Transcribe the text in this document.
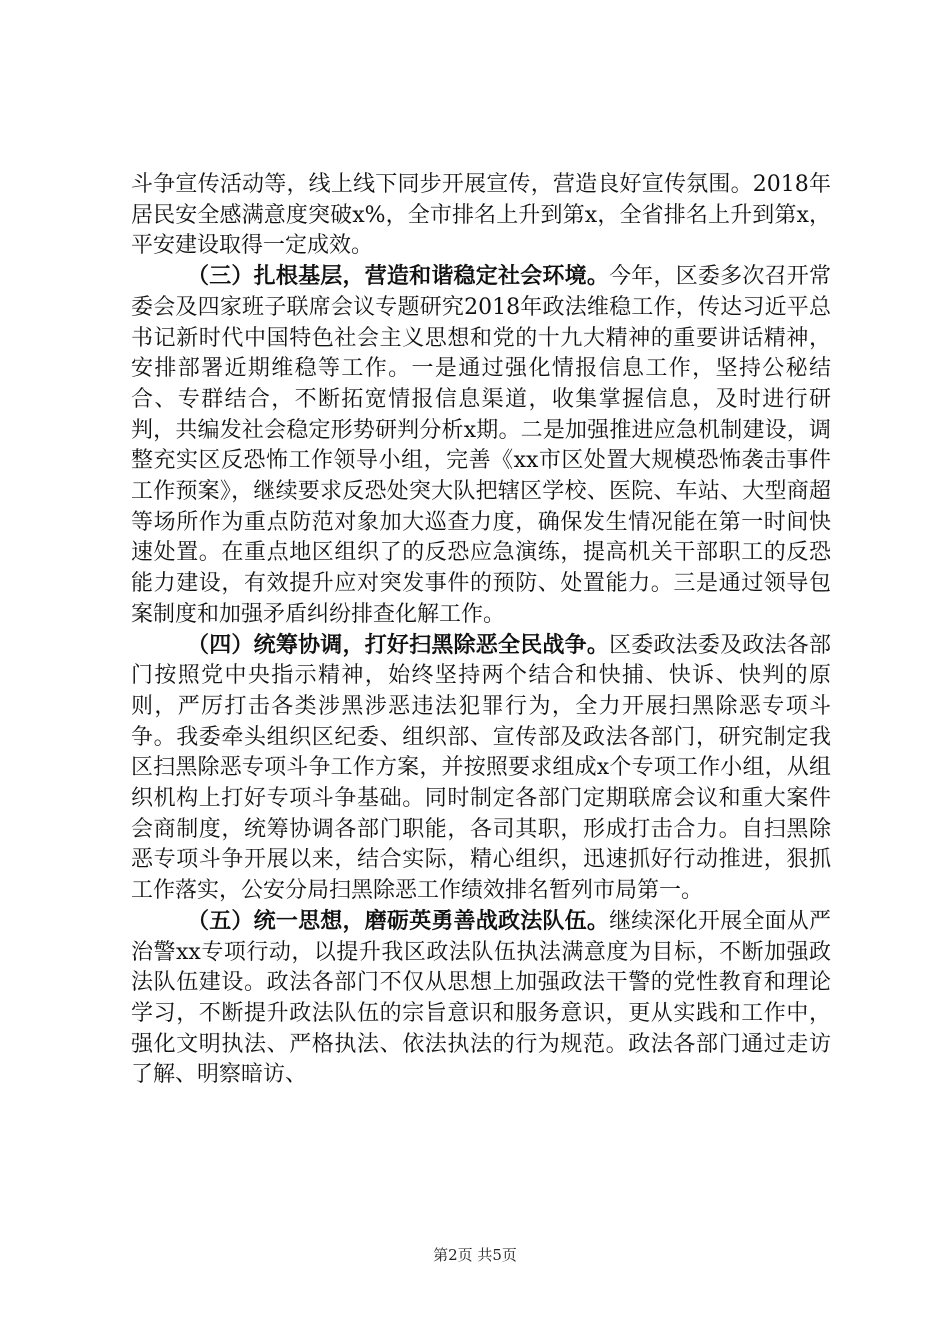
斗争宣传活动等，线上线下同步开展宣传，营造良好宣传氛围。2018年居民安全感满意度突破x%，全市排名上升到第x，全省排名上升到第x，平安建设取得一定成效。

（三）扎根基层，营造和谐稳定社会环境。今年，区委多次召开常委会及四家班子联席会议专题研究2018年政法维稳工作，传达习近平总书记新时代中国特色社会主义思想和党的十九大精神的重要讲话精神，安排部署近期维稳等工作。一是通过强化情报信息工作，坚持公秘结合、专群结合，不断拓宽情报信息渠道，收集掌握信息，及时进行研判，共编发社会稳定形势研判分析x期。二是加强推进应急机制建设，调整充实区反恐怖工作领导小组，完善《xx市区处置大规模恐怖袭击事件工作预案》，继续要求反恐处突大队把辖区学校、医院、车站、大型商超等场所作为重点防范对象加大巡查力度，确保发生情况能在第一时间快速处置。在重点地区组织了的反恐应急演练，提高机关干部职工的反恐能力建设，有效提升应对突发事件的预防、处置能力。三是通过领导包案制度和加强矛盾纠纷排查化解工作。

（四）统筹协调，打好扫黑除恶全民战争。区委政法委及政法各部门按照党中央指示精神，始终坚持两个结合和快捕、快诉、快判的原则，严厉打击各类涉黑涉恶违法犯罪行为，全力开展扫黑除恶专项斗争。我委牵头组织区纪委、组织部、宣传部及政法各部门，研究制定我区扫黑除恶专项斗争工作方案，并按照要求组成x个专项工作小组，从组织机构上打好专项斗争基础。同时制定各部门定期联席会议和重大案件会商制度，统筹协调各部门职能，各司其职，形成打击合力。自扫黑除恶专项斗争开展以来，结合实际，精心组织，迅速抓好行动推进，狠抓工作落实，公安分局扫黑除恶工作绩效排名暂列市局第一。

（五）统一思想，磨砺英勇善战政法队伍。继续深化开展全面从严治警xx专项行动，以提升我区政法队伍执法满意度为目标，不断加强政法队伍建设。政法各部门不仅从思想上加强政法干警的党性教育和理论学习，不断提升政法队伍的宗旨意识和服务意识，更从实践和工作中，强化文明执法、严格执法、依法执法的行为规范。政法各部门通过走访了解、明察暗访、

第2页 共5页
